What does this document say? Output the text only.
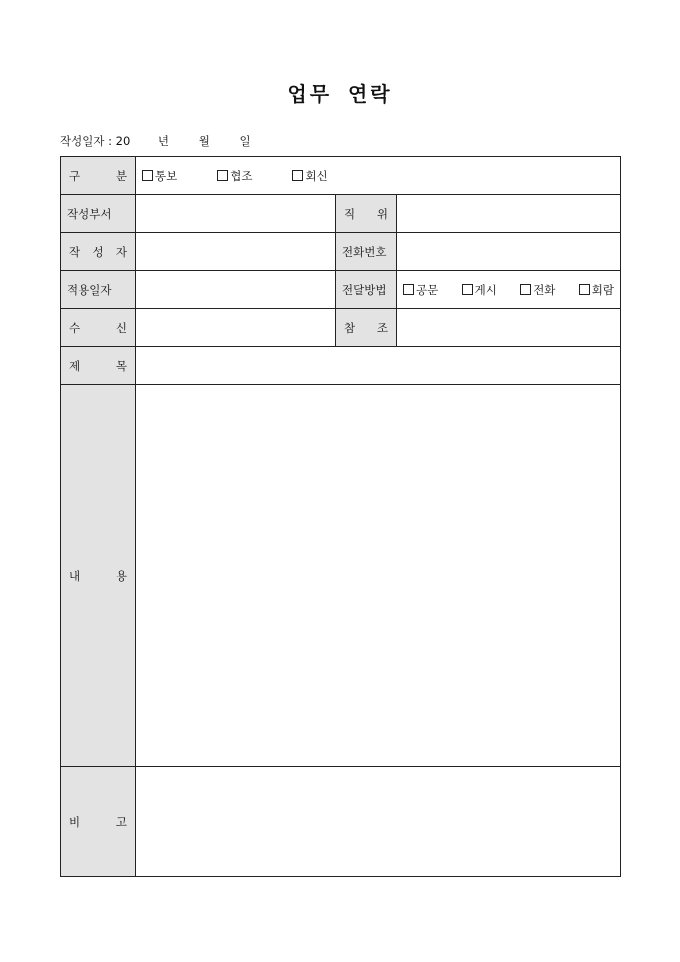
업무 연락
작성일자 : 20 년	월	일
구 분	통보 협조 회신		

작성부서		직 위	

작 성 자		전화번호	
적용일자		전달방법	공문 게시 전화 회람

수 신		참 조	

제 목			

내 용			

비 고			
